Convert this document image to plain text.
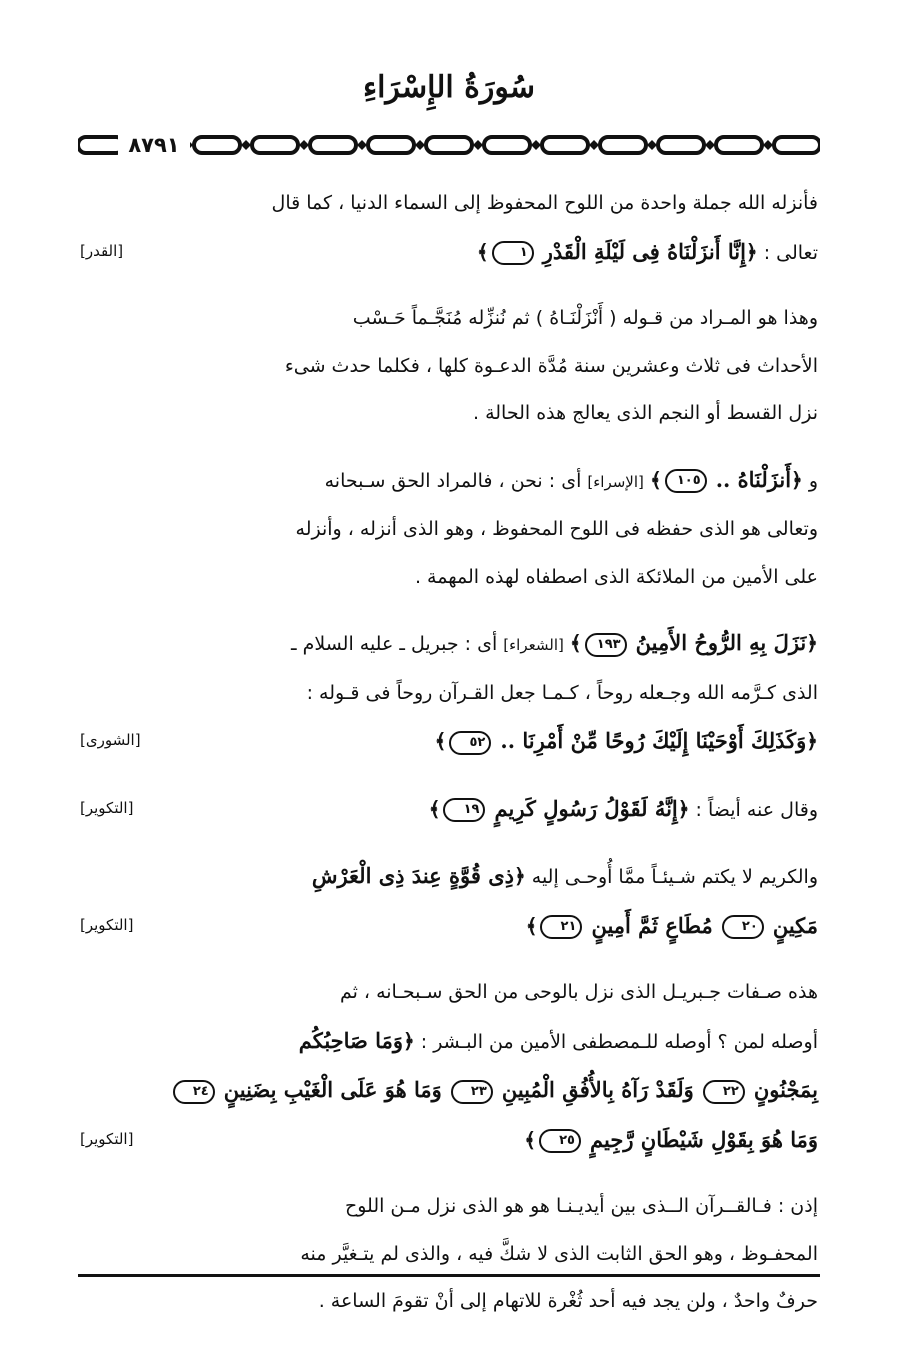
سُورَةُ الإِسْرَاءِ
٨٧٩١
فأنزله الله جملة واحدة من اللوح المحفوظ إلى السماء الدنيا ، كما قال
تعالى : ﴿إِنَّا أَنزَلْنَاهُ فِى لَيْلَةِ الْقَدْرِ ١﴾
[القدر]
وهذا هو المـراد من قـوله ( أَنْزَلْنَـاهُ ) ثم نُنزِّله مُنَجَّـماً حَـسْب
الأحداث فى ثلاث وعشرين سنة مُدَّة الدعـوة كلها ، فكلما حدث شىء
نزل القسط أو النجم الذى يعالج هذه الحالة .
و ﴿أَنزَلْنَاهُ .. ١٠٥﴾ [الإسراء] أى : نحن ، فالمراد الحق سـبحانه
وتعالى هو الذى حفظه فى اللوح المحفوظ ، وهو الذى أنزله ، وأنزله
على الأمين من الملائكة الذى اصطفاه لهذه المهمة .
﴿نَزَلَ بِهِ الرُّوحُ الأَمِينُ ١٩٣﴾ [الشعراء] أى : جبريل ـ عليه السلام ـ
الذى كـرَّمه الله وجـعله روحاً ، كـمـا جعل القـرآن روحاً فى قـوله :
﴿وَكَذَلِكَ أَوْحَيْنَا إِلَيْكَ رُوحًا مِّنْ أَمْرِنَا .. ٥٢﴾
[الشورى]
وقال عنه أيضاً : ﴿إِنَّهُ لَقَوْلُ رَسُولٍ كَرِيمٍ ١٩﴾
[التكوير]
والكريم لا يكتم شـيئـاً ممَّا أُوحـى إليه ﴿ذِى قُوَّةٍ عِندَ ذِى الْعَرْشِ
مَكِينٍ ٢٠ مُطَاعٍ ثَمَّ أَمِينٍ ٢١﴾
[التكوير]
هذه صـفات جـبريـل الذى نزل بالوحى من الحق سـبحـانه ، ثم
أوصله لمن ؟ أوصله للـمصطفى الأمين من البـشر : ﴿وَمَا صَاحِبُكُم
بِمَجْنُونٍ ٢٢ وَلَقَدْ رَآهُ بِالأُفُقِ الْمُبِينِ ٢٣ وَمَا هُوَ عَلَى الْغَيْبِ بِضَنِينٍ ٢٤
وَمَا هُوَ بِقَوْلِ شَيْطَانٍ رَّجِيمٍ ٢٥﴾
[التكوير]
إذن : فـالقــرآن الــذى بين أيديـنـا هو هو الذى نزل مـن اللوح
المحفـوظ ، وهو الحق الثابت الذى لا شكَّ فيه ، والذى لم يتـغيَّر منه
حرفٌ واحدٌ ، ولن يجد فيه أحد ثُغْرة للاتهام إلى أنْ تقومَ الساعة .
